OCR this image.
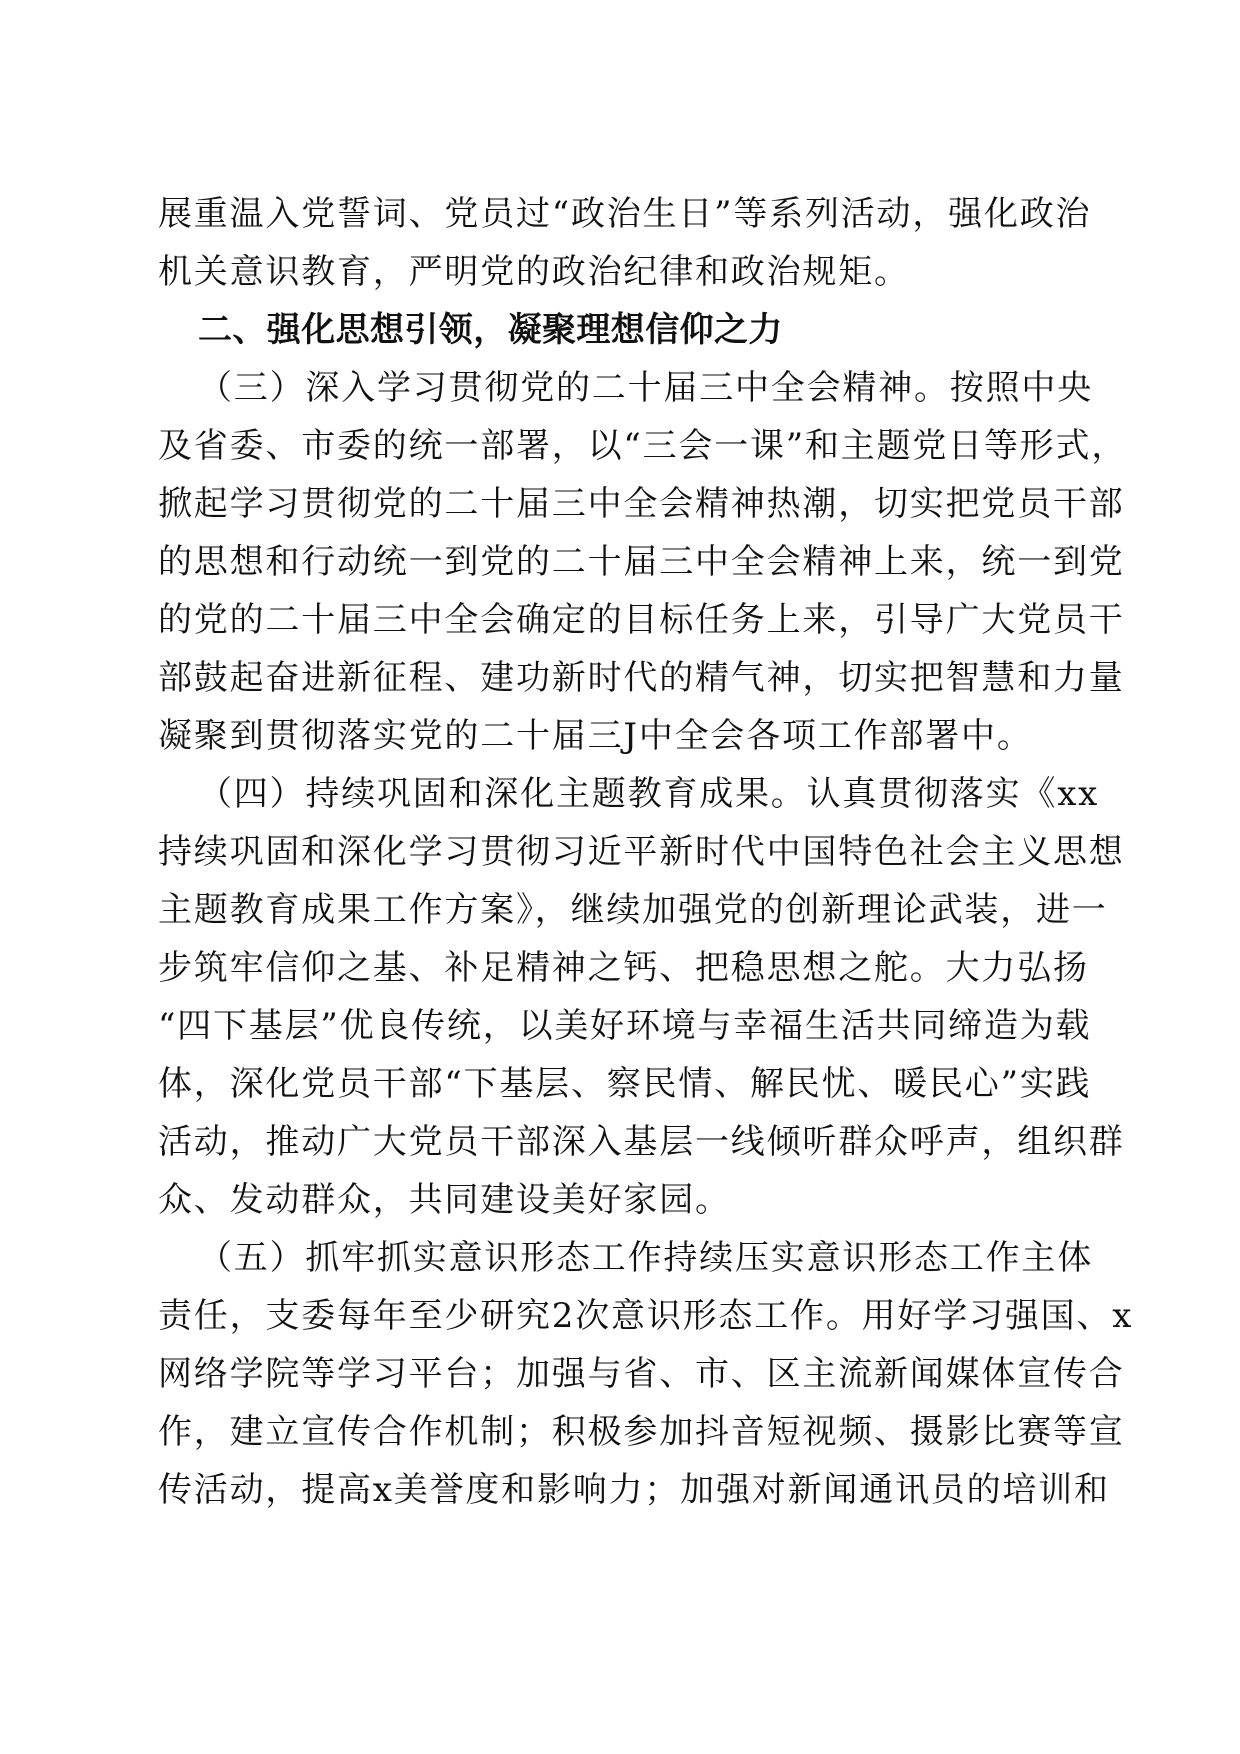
展重温入党誓词、党员过“政治生日”等系列活动，强化政治
机关意识教育，严明党的政治纪律和政治规矩。
二、强化思想引领，凝聚理想信仰之力
（三）深入学习贯彻党的二十届三中全会精神。按照中央
及省委、市委的统一部署，以“三会一课”和主题党日等形式，
掀起学习贯彻党的二十届三中全会精神热潮，切实把党员干部
的思想和行动统一到党的二十届三中全会精神上来，统一到党
的党的二十届三中全会确定的目标任务上来，引导广大党员干
部鼓起奋进新征程、建功新时代的精气神，切实把智慧和力量
凝聚到贯彻落实党的二十届三J中全会各项工作部署中。
（四）持续巩固和深化主题教育成果。认真贯彻落实《xx
持续巩固和深化学习贯彻习近平新时代中国特色社会主义思想
主题教育成果工作方案》，继续加强党的创新理论武装，进一
步筑牢信仰之基、补足精神之钙、把稳思想之舵。大力弘扬
“四下基层”优良传统，以美好环境与幸福生活共同缔造为载
体，深化党员干部“下基层、察民情、解民忧、暖民心”实践
活动，推动广大党员干部深入基层一线倾听群众呼声，组织群
众、发动群众，共同建设美好家园。
（五）抓牢抓实意识形态工作持续压实意识形态工作主体
责任，支委每年至少研究2次意识形态工作。用好学习强国、x
网络学院等学习平台；加强与省、市、区主流新闻媒体宣传合
作，建立宣传合作机制；积极参加抖音短视频、摄影比赛等宣
传活动，提高x美誉度和影响力；加强对新闻通讯员的培训和
